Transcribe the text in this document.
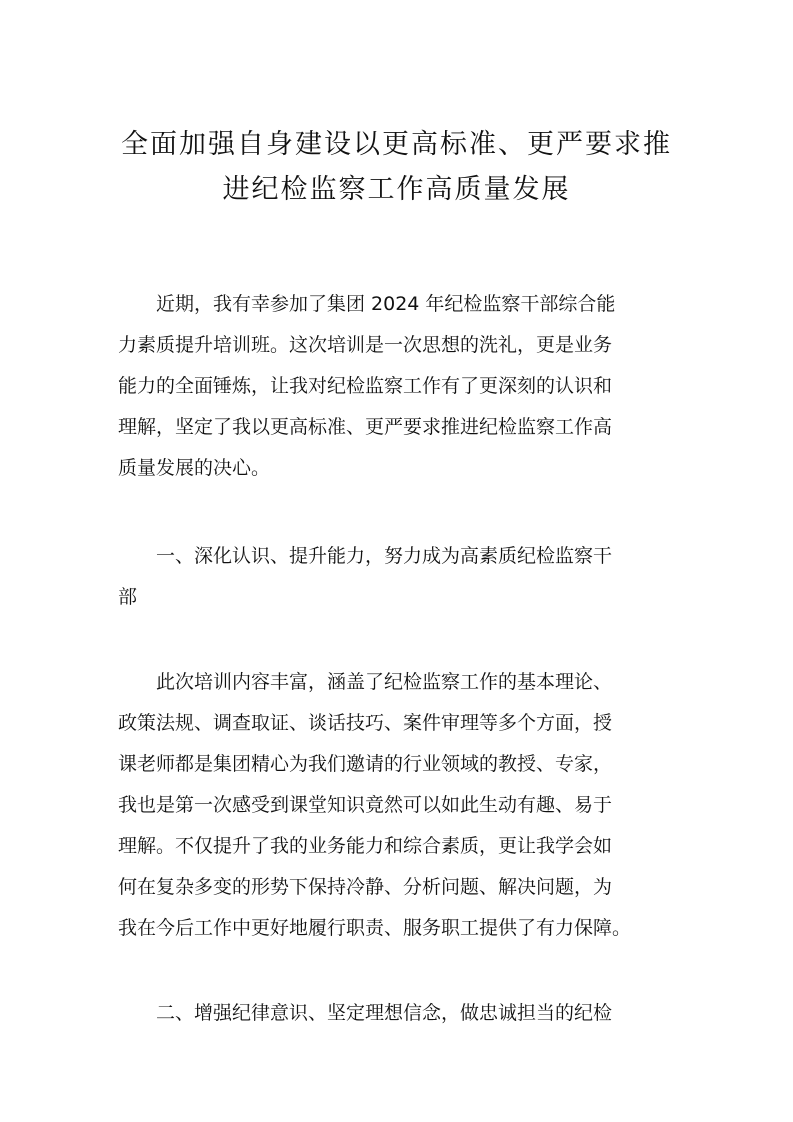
全面加强自身建设以更高标准、更严要求推
进纪检监察工作高质量发展
　　近期，我有幸参加了集团 2024 年纪检监察干部综合能
力素质提升培训班。这次培训是一次思想的洗礼，更是业务
能力的全面锤炼，让我对纪检监察工作有了更深刻的认识和
理解，坚定了我以更高标准、更严要求推进纪检监察工作高
质量发展的决心。
　　一、深化认识、提升能力，努力成为高素质纪检监察干
部
　　此次培训内容丰富，涵盖了纪检监察工作的基本理论、
政策法规、调查取证、谈话技巧、案件审理等多个方面，授
课老师都是集团精心为我们邀请的行业领域的教授、专家，
我也是第一次感受到课堂知识竟然可以如此生动有趣、易于
理解。不仅提升了我的业务能力和综合素质，更让我学会如
何在复杂多变的形势下保持冷静、分析问题、解决问题，为
我在今后工作中更好地履行职责、服务职工提供了有力保障。
　　二、增强纪律意识、坚定理想信念，做忠诚担当的纪检
